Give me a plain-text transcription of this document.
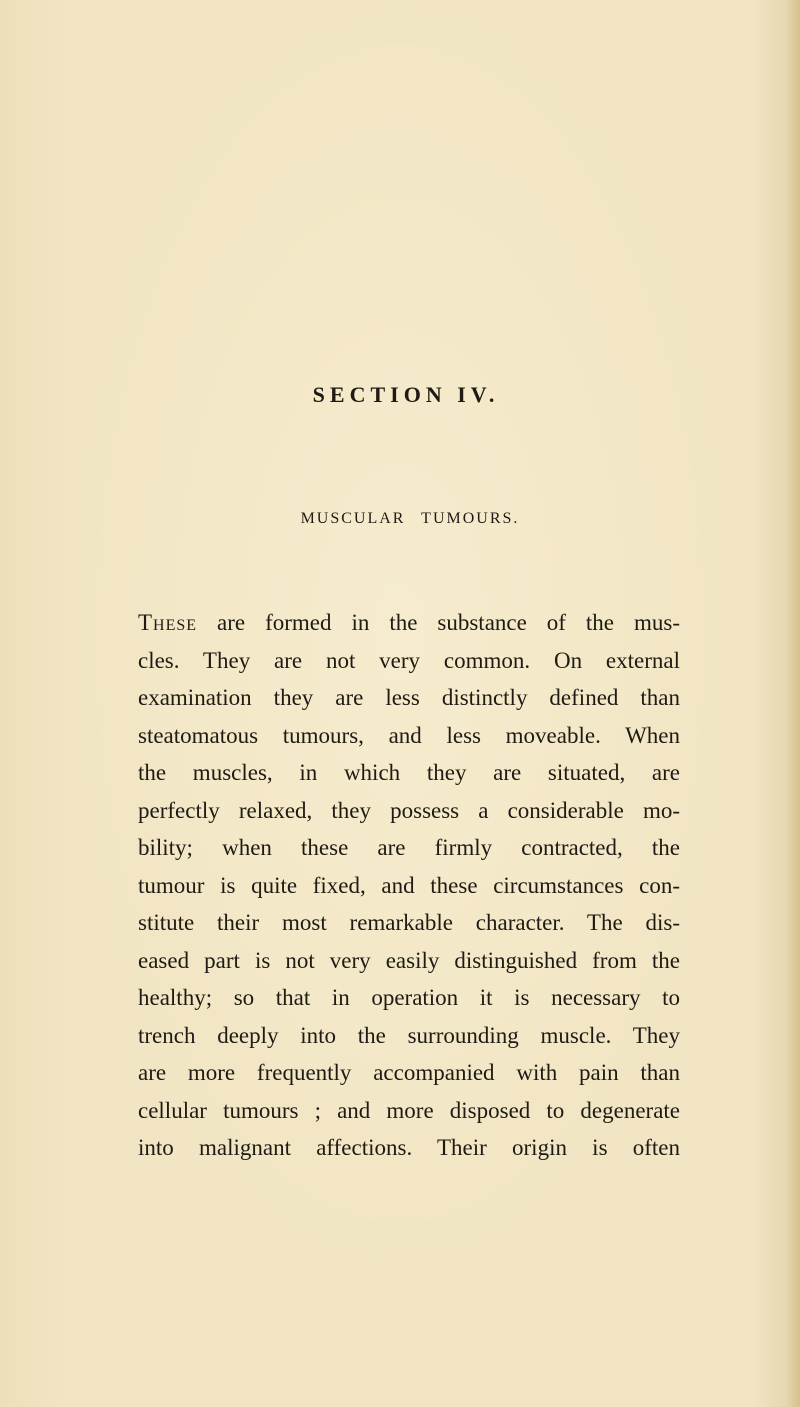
SECTION IV.
MUSCULAR TUMOURS.
These are formed in the substance of the mus-
cles. They are not very common. On external
examination they are less distinctly defined than
steatomatous tumours, and less moveable. When
the muscles, in which they are situated, are
perfectly relaxed, they possess a considerable mo-
bility; when these are firmly contracted, the
tumour is quite fixed, and these circumstances con-
stitute their most remarkable character. The dis-
eased part is not very easily distinguished from the
healthy; so that in operation it is necessary to
trench deeply into the surrounding muscle. They
are more frequently accompanied with pain than
cellular tumours ; and more disposed to degenerate
into malignant affections. Their origin is often
